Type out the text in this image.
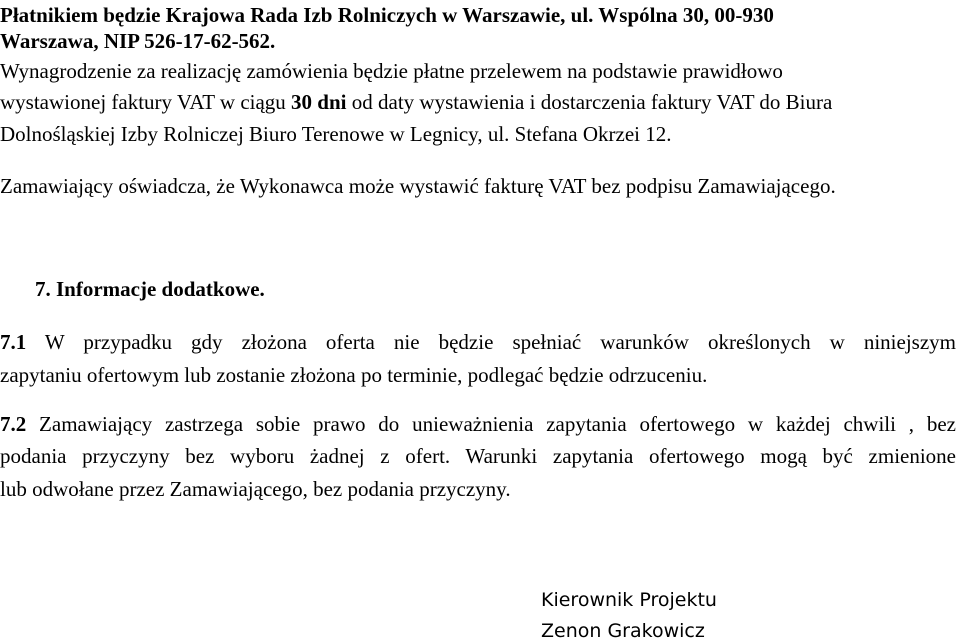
Płatnikiem będzie Krajowa Rada Izb Rolniczych w Warszawie, ul. Wspólna 30, 00-930
Warszawa, NIP 526-17-62-562.
Wynagrodzenie za realizację zamówienia będzie płatne przelewem na podstawie prawidłowo
wystawionej faktury VAT w ciągu 30 dni od daty wystawienia i dostarczenia faktury VAT do Biura
Dolnośląskiej Izby Rolniczej Biuro Terenowe w Legnicy, ul. Stefana Okrzei 12.
Zamawiający oświadcza, że Wykonawca może wystawić fakturę VAT bez podpisu Zamawiającego.
7. Informacje dodatkowe.
7.1 W przypadku gdy złożona oferta nie będzie spełniać warunków określonych w niniejszym
zapytaniu ofertowym lub zostanie złożona po terminie, podlegać będzie odrzuceniu.
7.2 Zamawiający zastrzega sobie prawo do unieważnienia zapytania ofertowego w każdej chwili , bez
podania przyczyny bez wyboru żadnej z ofert. Warunki zapytania ofertowego mogą być zmienione
lub odwołane przez Zamawiającego, bez podania przyczyny.
Kierownik Projektu
Zenon Grakowicz
